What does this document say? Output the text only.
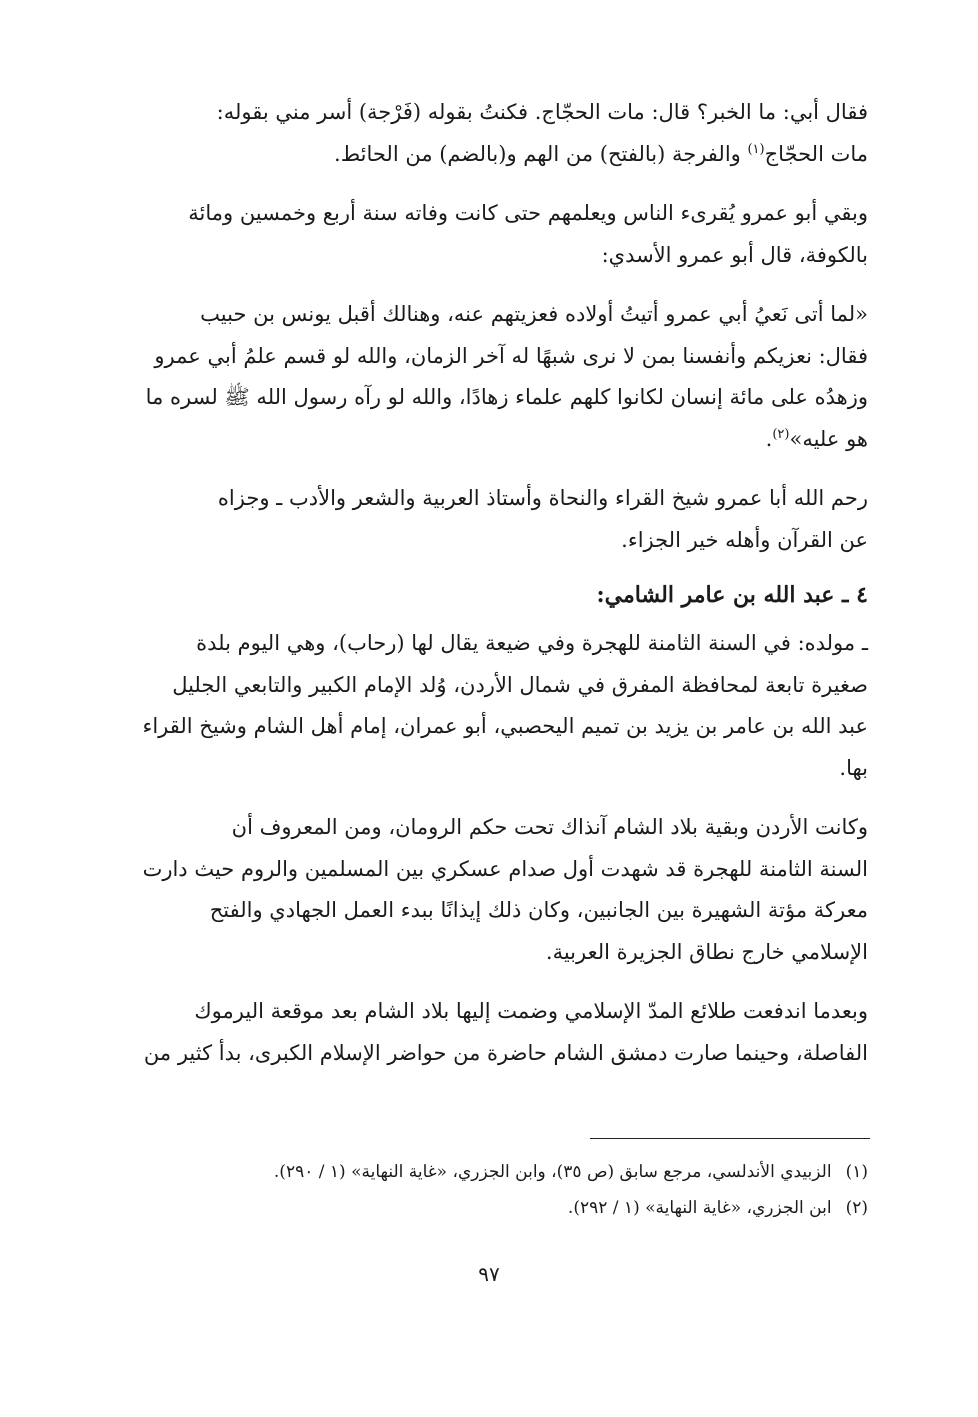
فقال أبي: ما الخبر؟ قال: مات الحجّاج. فكنتُ بقوله (فَرْجة) أسر مني بقوله:
مات الحجّاج$^{(١)}$ والفرجة (بالفتح) من الهم و(بالضم) من الحائط.

وبقي أبو عمرو يُقرىء الناس ويعلمهم حتى كانت وفاته سنة أربع وخمسين ومائة
بالكوفة، قال أبو عمرو الأسدي:

«لما أتى نَعيُ أبي عمرو أتيتُ أولاده فعزيتهم عنه، وهنالك أقبل يونس بن حبيب
فقال: نعزيكم وأنفسنا بمن لا نرى شبهًا له آخر الزمان، والله لو قسم علمُ أبي عمرو
وزهدُه على مائة إنسان لكانوا كلهم علماء زهادًا، والله لو رآه رسول الله ﷺ لسره ما
هو عليه»$^{(٢)}$.

رحم الله أبا عمرو شيخ القراء والنحاة وأستاذ العربية والشعر والأدب ـ وجزاه
عن القرآن وأهله خير الجزاء.

٤ ـ عبد الله بن عامر الشامي:

ـ مولده: في السنة الثامنة للهجرة وفي ضيعة يقال لها (رحاب)، وهي اليوم بلدة
صغيرة تابعة لمحافظة المفرق في شمال الأردن، وُلد الإمام الكبير والتابعي الجليل
عبد الله بن عامر بن يزيد بن تميم اليحصبي، أبو عمران، إمام أهل الشام وشيخ القراء
بها.

وكانت الأردن وبقية بلاد الشام آنذاك تحت حكم الرومان، ومن المعروف أن
السنة الثامنة للهجرة قد شهدت أول صدام عسكري بين المسلمين والروم حيث دارت
معركة مؤتة الشهيرة بين الجانبين، وكان ذلك إيذانًا ببدء العمل الجهادي والفتح
الإسلامي خارج نطاق الجزيرة العربية.

وبعدما اندفعت طلائع المدّ الإسلامي وضمت إليها بلاد الشام بعد موقعة اليرموك
الفاصلة، وحينما صارت دمشق الشام حاضرة من حواضر الإسلام الكبرى، بدأ كثير من

(١)
الزبيدي الأندلسي، مرجع سابق (ص ٣٥)، وابن الجزري، «غاية النهاية» (١ / ٢٩٠).
(٢)
ابن الجزري، «غاية النهاية» (١ / ٢٩٢).
٩٧
